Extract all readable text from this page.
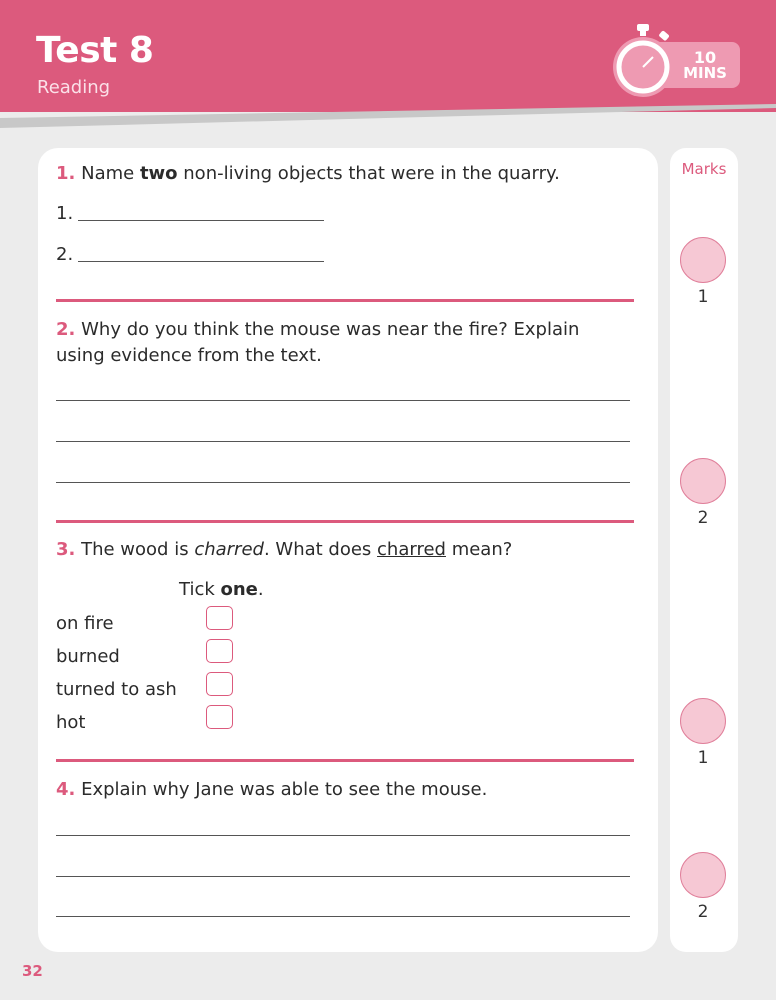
Test 8
Reading
10
MINS
1. Name two non-living objects that were in the quarry.
1.
2.
2. Why do you think the mouse was near the fire? Explain using evidence from the text.
3. The wood is charred. What does charred mean?
Tick one.
on fire
burned
turned to ash
hot
4. Explain why Jane was able to see the mouse.
Marks
1
2
1
2
32
